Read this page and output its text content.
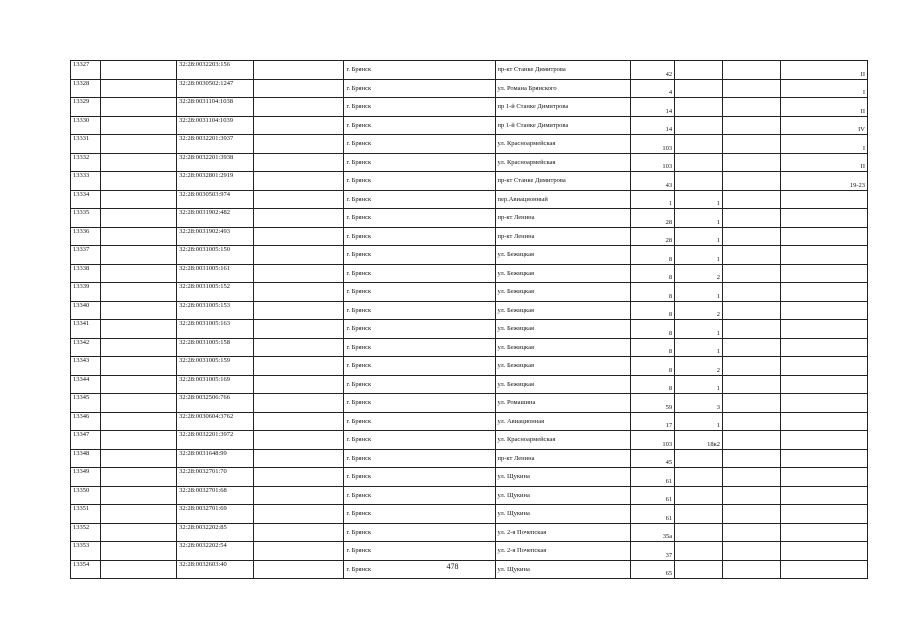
13327		32:28:0032203:156		г. Брянск	пр-кт Станке Димитрова	42			II
13328		32:28:0030502:1247		г. Брянск	ул. Романа Брянского	4			I
13329		32:28:0031104:1038		г. Брянск	пр 1-й Станке Димитрова	14			II
13330		32:28:0031104:1039		г. Брянск	пр 1-й Станке Димитрова	14			IV
13331		32:28:0032201:3937		г. Брянск	ул. Красноармейская	103			I
13332		32:28:0032201:3938		г. Брянск	ул. Красноармейская	103			II
13333		32:28:0032801:2919		г. Брянск	пр-кт Станке Димитрова	43			19-23
13334		32:28:0030503:974		г. Брянск	пер.Авиационный	1	1		
13335		32:28:0031902:482		г. Брянск	пр-кт Ленина	28	1		
13336		32:28:0031902:493		г. Брянск	пр-кт Ленина	28	1		
13337		32:28:0031005:150		г. Брянск	ул. Бежицкая	8	1		
13338		32:28:0031005:161		г. Брянск	ул. Бежицкая	8	2		
13339		32:28:0031005:152		г. Брянск	ул. Бежицкая	8	1		
13340		32:28:0031005:153		г. Брянск	ул. Бежицкая	8	2		
13341		32:28:0031005:163		г. Брянск	ул. Бежицкая	8	1		
13342		32:28:0031005:158		г. Брянск	ул. Бежицкая	8	1		
13343		32:28:0031005:159		г. Брянск	ул. Бежицкая	8	2		
13344		32:28:0031005:169		г. Брянск	ул. Бежицкая	8	1		
13345		32:28:0032506:766		г. Брянск	ул. Ромашина	59	3		
13346		32:28:0030604:3762		г. Брянск	ул. Авиационная	17	1		
13347		32:28:0032201:3972		г. Брянск	ул. Красноармейская	103	18к2		
13348		32:28:0031648:99		г. Брянск	пр-кт Ленина	45			
13349		32:28:0032701:70		г. Брянск	ул. Щукина	61			
13350		32:28:0032701:68		г. Брянск	ул. Щукина	61			
13351		32:28:0032701:69		г. Брянск	ул. Щукина	61			
13352		32:28:0032202:85		г. Брянск	ул. 2-я Почепская	35а			
13353		32:28:0032202:54		г. Брянск	ул. 2-я Почепская	37			
13354		32:28:0032603:40		г. Брянск	ул. Щукина	65			
478
